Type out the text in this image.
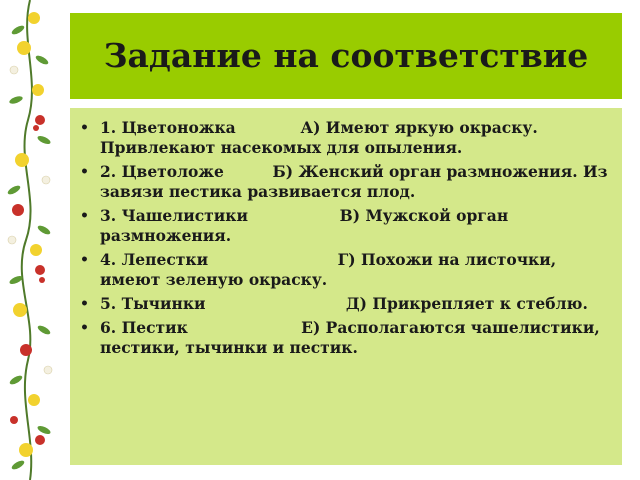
Задание на соответствие
• 1. Цветоножка            А) Имеют яркую окраску. Привлекают насекомых для опыления.
• 2. Цветоложе         Б) Женский орган размножения. Из завязи пестика развивается плод.
• 3. Чашелистики                 В) Мужской орган размножения.
• 4. Лепестки                        Г) Похожи на листочки, имеют зеленую окраску.
• 5. Тычинки                          Д) Прикрепляет к стеблю.
• 6. Пестик                     Е) Располагаются чашелистики, пестики, тычинки и пестик.
